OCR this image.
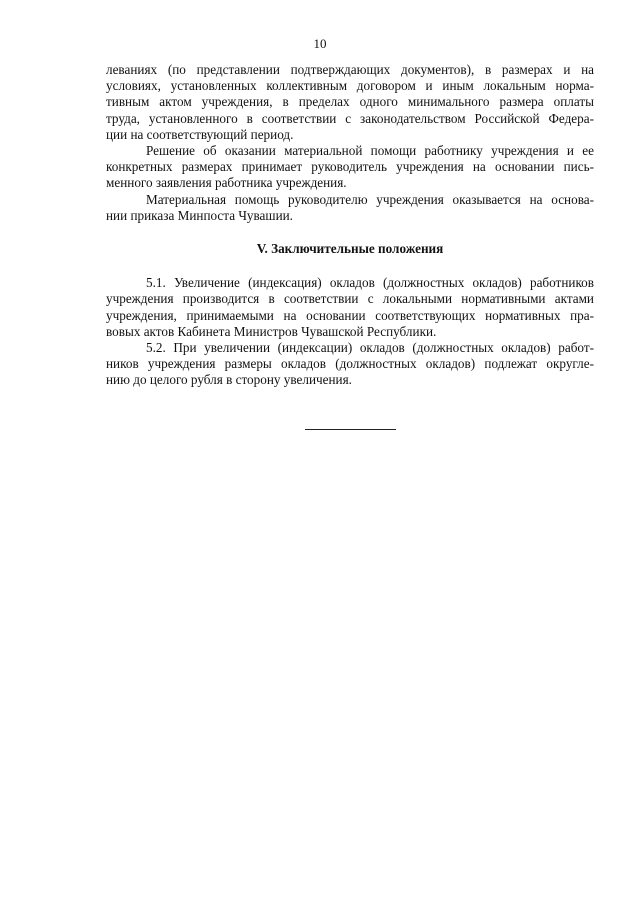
10
леваниях (по представлении подтверждающих документов), в размерах и на
условиях, установленных коллективным договором и иным локальным норма-
тивным актом учреждения, в пределах одного минимального размера оплаты
труда, установленного в соответствии с законодательством Российской Федера-
ции на соответствующий период.
Решение об оказании материальной помощи работнику учреждения и ее
конкретных размерах принимает руководитель учреждения на основании пись-
менного заявления работника учреждения.
Материальная помощь руководителю учреждения оказывается на основа-
нии приказа Минпоста Чувашии.
V. Заключительные положения
5.1. Увеличение (индексация) окладов (должностных окладов) работников
учреждения производится в соответствии с локальными нормативными актами
учреждения, принимаемыми на основании соответствующих нормативных пра-
вовых актов Кабинета Министров Чувашской Республики.
5.2. При увеличении (индексации) окладов (должностных окладов) работ-
ников учреждения размеры окладов (должностных окладов) подлежат округле-
нию до целого рубля в сторону увеличения.
